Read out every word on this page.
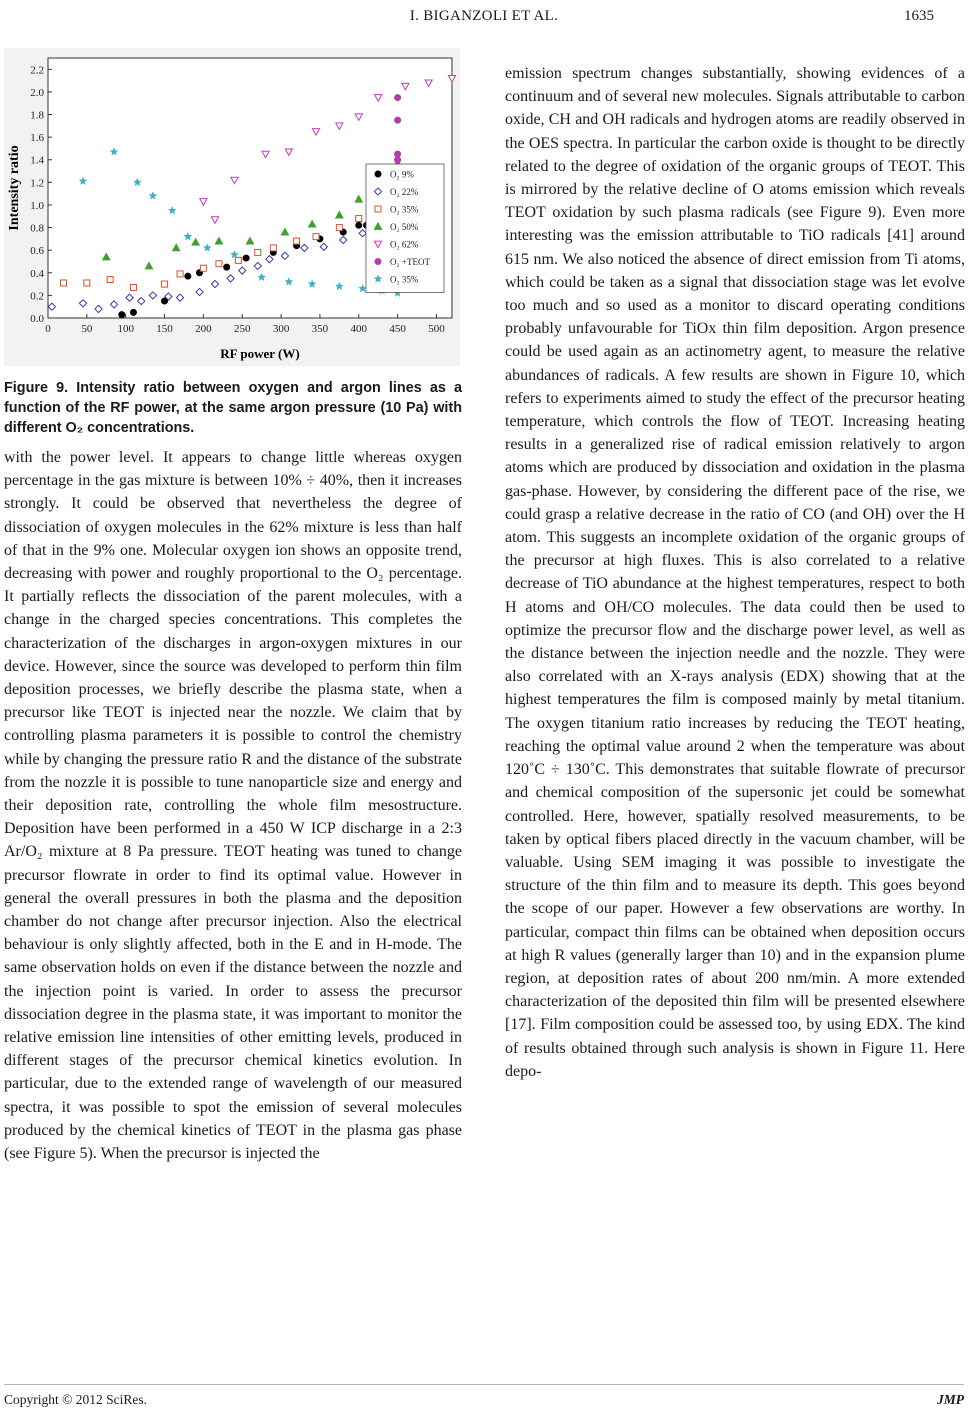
I. BIGANZOLI ET AL.	1635
0	50 100 150 200 250 300 350 400 450 500
0.0
0.2
0.4
0.6
0.8
1.0
1.2
1.4
1.6
1.8
2.0
2.2
RF power (W)
Intensity ratio	O₂ 9%
O₂ 22%
O₂ 35%
O₂ 50%
O₂ 62%
O₂ +TEOT
O₂ 35%
Figure 9. Intensity ratio between oxygen and argon lines as a function of the RF power, at the same argon pressure (10 Pa) with different O₂ concentrations.
with the power level. It appears to change little whereas oxygen percentage in the gas mixture is between 10% ÷ 40%, then it increases strongly. It could be observed that nevertheless the degree of dissociation of oxygen molecules in the 62% mixture is less than half of that in the 9% one. Molecular oxygen ion shows an opposite trend, decreasing with power and roughly proportional to the O₂ percentage. It partially reflects the dissociation of the parent molecules, with a change in the charged species concentrations. This completes the characterization of the discharges in argon-oxygen mixtures in our device. However, since the source was developed to perform thin film deposition processes, we briefly describe the plasma state, when a precursor like TEOT is injected near the nozzle. We claim that by controlling plasma parameters it is possible to control the chemistry while by changing the pressure ratio R and the distance of the substrate from the nozzle it is possible to tune nanoparticle size and energy and their deposition rate, controlling the whole film mesostructure. Deposition have been performed in a 450 W ICP discharge in a 2:3 Ar/O₂ mixture at 8 Pa pressure. TEOT heating was tuned to change precursor flowrate in order to find its optimal value. However in general the overall pressures in both the plasma and the deposition chamber do not change after precursor injection. Also the electrical behaviour is only slightly affected, both in the E and in H-mode. The same observation holds on even if the distance between the nozzle and the injection point is varied. In order to assess the precursor dissociation degree in the plasma state, it was important to monitor the relative emission line intensities of other emitting levels, produced in different stages of the precursor chemical kinetics evolution. In particular, due to the extended range of wavelength of our measured spectra, it was possible to spot the emission of several molecules produced by the chemical kinetics of TEOT in the plasma gas phase (see Figure 5). When the precursor is injected the
emission spectrum changes substantially, showing evidences of a continuum and of several new molecules. Signals attributable to carbon oxide, CH and OH radicals and hydrogen atoms are readily observed in the OES spectra. In particular the carbon oxide is thought to be directly related to the degree of oxidation of the organic groups of TEOT. This is mirrored by the relative decline of O atoms emission which reveals TEOT oxidation by such plasma radicals (see Figure 9). Even more interesting was the emission attributable to TiO radicals [41] around 615 nm. We also noticed the absence of direct emission from Ti atoms, which could be taken as a signal that dissociation stage was let evolve too much and so used as a monitor to discard operating conditions probably unfavourable for TiOx thin film deposition. Argon presence could be used again as an actinometry agent, to measure the relative abundances of radicals. A few results are shown in Figure 10, which refers to experiments aimed to study the effect of the precursor heating temperature, which controls the flow of TEOT. Increasing heating results in a generalized rise of radical emission relatively to argon atoms which are produced by dissociation and oxidation in the plasma gas-phase. However, by considering the different pace of the rise, we could grasp a relative decrease in the ratio of CO (and OH) over the H atom. This suggests an incomplete oxidation of the organic groups of the precursor at high fluxes. This is also correlated to a relative decrease of TiO abundance at the highest temperatures, respect to both H atoms and OH/CO molecules. The data could then be used to optimize the precursor flow and the discharge power level, as well as the distance between the injection needle and the nozzle. They were also correlated with an X-rays analysis (EDX) showing that at the highest temperatures the film is composed mainly by metal titanium. The oxygen titanium ratio increases by reducing the TEOT heating, reaching the optimal value around 2 when the temperature was about 120˚C ÷ 130˚C. This demonstrates that suitable flowrate of precursor and chemical composition of the supersonic jet could be somewhat controlled. Here, however, spatially resolved measurements, to be taken by optical fibers placed directly in the vacuum chamber, will be valuable. Using SEM imaging it was possible to investigate the structure of the thin film and to measure its depth. This goes beyond the scope of our paper. However a few observations are worthy. In particular, compact thin films can be obtained when deposition occurs at high R values (generally larger than 10) and in the expansion plume region, at deposition rates of about 200 nm/min. A more extended characterization of the deposited thin film will be presented elsewhere [17]. Film composition could be assessed too, by using EDX. The kind of results obtained through such analysis is shown in Figure 11. Here depo-
Copyright © 2012 SciRes.	JMP
